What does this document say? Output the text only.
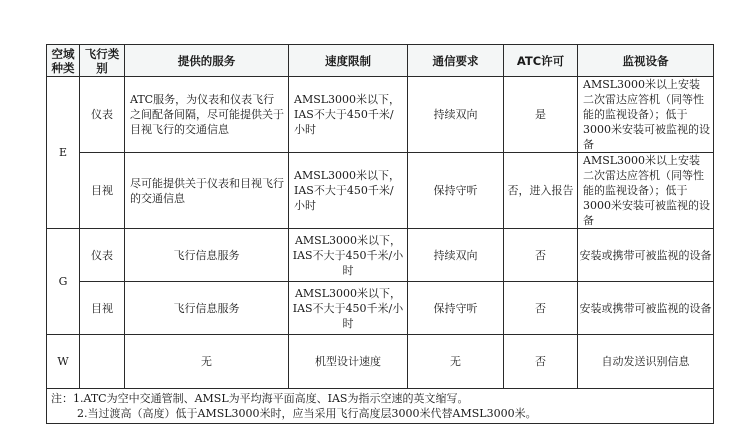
空域种类	飞行类别	提供的服务	速度限制	通信要求	ATC许可	监视设备
E	仪表	ATC服务，为仪表和仪表飞行之间配备间隔，尽可能提供关于目视飞行的交通信息	AMSL3000米以下，IAS不大于450千米/小时	持续双向	是	AMSL3000米以上安装二次雷达应答机（同等性能的监视设备）；低于3000米安装可被监视的设备
	目视	尽可能提供关于仪表和目视飞行的交通信息	AMSL3000米以下，IAS不大于450千米/小时	保持守听	否，进入报告	AMSL3000米以上安装二次雷达应答机（同等性能的监视设备）；低于3000米安装可被监视的设备
G	仪表	飞行信息服务	AMSL3000米以下，IAS不大于450千米/小时	持续双向	否	安装或携带可被监视的设备
	目视	飞行信息服务	AMSL3000米以下，IAS不大于450千米/小时	保持守听	否	安装或携带可被监视的设备
W		无	机型设计速度	无	否	自动发送识别信息

注：1.ATC为空中交通管制、AMSL为平均海平面高度、IAS为指示空速的英文缩写。
2.当过渡高（高度）低于AMSL3000米时，应当采用飞行高度层3000米代替AMSL3000米。						
